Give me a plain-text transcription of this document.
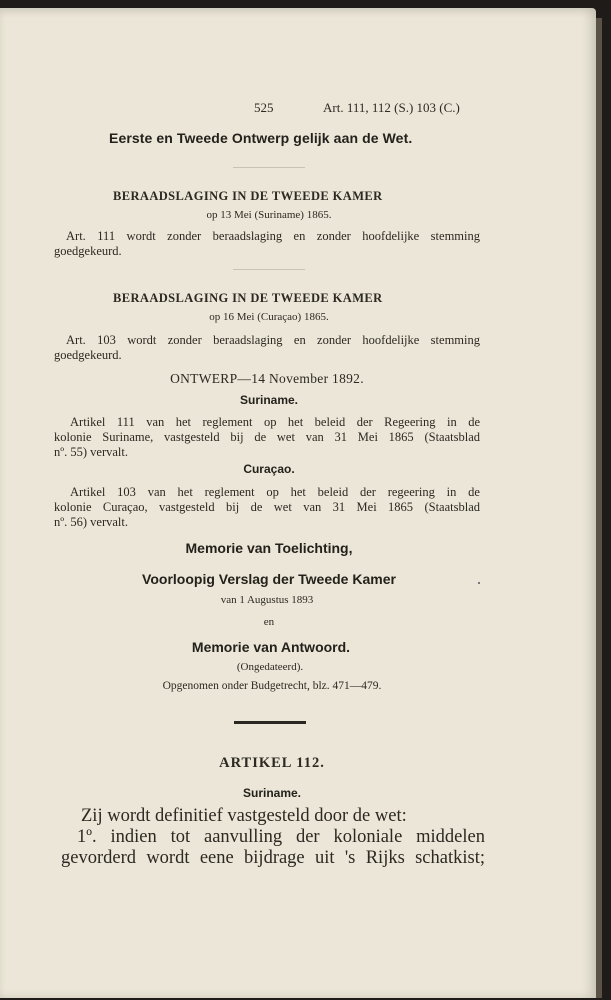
525	Art. 111, 112 (S.) 103 (C.)
Eerste en Tweede Ontwerp gelijk aan de Wet.
BERAADSLAGING IN DE TWEEDE KAMER
op 13 Mei (Suriname) 1865.
Art. 111 wordt zonder beraadslaging en zonder hoofdelijke stemming
goedgekeurd.
BERAADSLAGING IN DE TWEEDE KAMER
op 16 Mei (Curaçao) 1865.
Art. 103 wordt zonder beraadslaging en zonder hoofdelijke stemming
goedgekeurd.
ONTWERP—14 November 1892.
Suriname.
Artikel 111 van het reglement op het beleid der Regeering in de
kolonie Suriname, vastgesteld bij de wet van 31 Mei 1865 (Staatsblad
nº. 55) vervalt.
Curaçao.
Artikel 103 van het reglement op het beleid der regeering in de
kolonie Curaçao, vastgesteld bij de wet van 31 Mei 1865 (Staatsblad
nº. 56) vervalt.
Memorie van Toelichting,
Voorloopig Verslag der Tweede Kamer
van 1 Augustus 1893
en
Memorie van Antwoord.
(Ongedateerd).
Opgenomen onder Budgetrecht, blz. 471—479.
ARTIKEL 112.
Suriname.
Zij wordt definitief vastgesteld door de wet:
1º. indien tot aanvulling der koloniale middelen
gevorderd wordt eene bijdrage uit 's Rijks schatkist;
